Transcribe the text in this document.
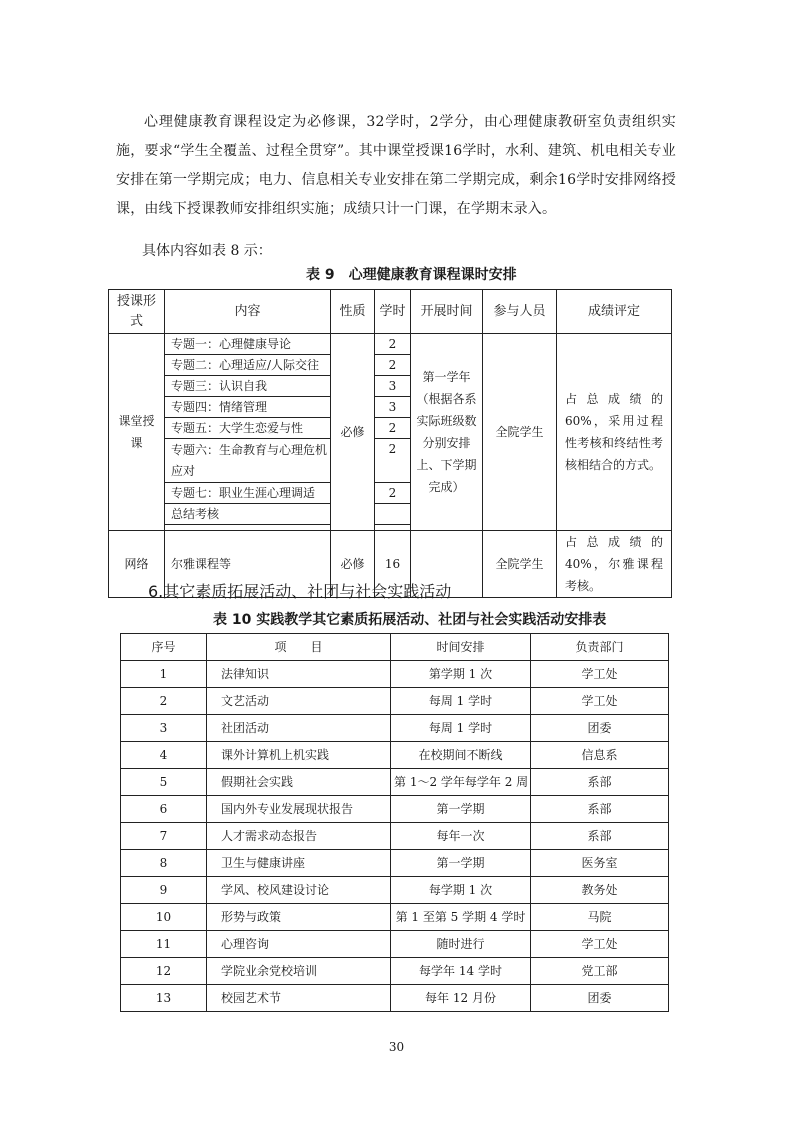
心理健康教育课程设定为必修课，32学时，2学分，由心理健康教研室负责组织实施，要求“学生全覆盖、过程全贯穿”。其中课堂授课16学时，水利、建筑、机电相关专业安排在第一学期完成；电力、信息相关专业安排在第二学期完成，剩余16学时安排网络授课，由线下授课教师安排组织实施；成绩只计一门课，在学期末录入。

具体内容如表 8 示：
表 9　心理健康教育课程课时安排
授课形式	内容	性质	学时	开展时间	参与人员	成绩评定
课堂授课	专题一：心理健康导论	必修	2	第一学年（根据各系实际班级数分别安排上、下学期完成）	全院学生	占总成绩的 60%，采用过程性考核和终结性考核相结合的方式。
	专题二：心理适应/人际交往		2			
	专题三：认识自我		3			
	专题四：情绪管理		3			
	专题五：大学生恋爱与性		2			
	专题六：生命教育与心理危机应对		2			
	专题七：职业生涯心理调适		2			
	总结考核					

网络	尔雅课程等	必修	16		全院学生	占总成绩的 40%，尔雅课程考核。
6.其它素质拓展活动、社团与社会实践活动
表 10 实践教学其它素质拓展活动、社团与社会实践活动安排表
序号	项　　目	时间安排	负责部门
1	法律知识	第学期 1 次	学工处
2	文艺活动	每周 1 学时	学工处
3	社团活动	每周 1 学时	团委
4	课外计算机上机实践	在校期间不断线	信息系
5	假期社会实践	第 1～2 学年每学年 2 周	系部
6	国内外专业发展现状报告	第一学期	系部
7	人才需求动态报告	每年一次	系部
8	卫生与健康讲座	第一学期	医务室
9	学风、校风建设讨论	每学期 1 次	教务处
10	形势与政策	第 1 至第 5 学期 4 学时	马院
11	心理咨询	随时进行	学工处
12	学院业余党校培训	每学年 14 学时	党工部
13	校园艺术节	每年 12 月份	团委
30
